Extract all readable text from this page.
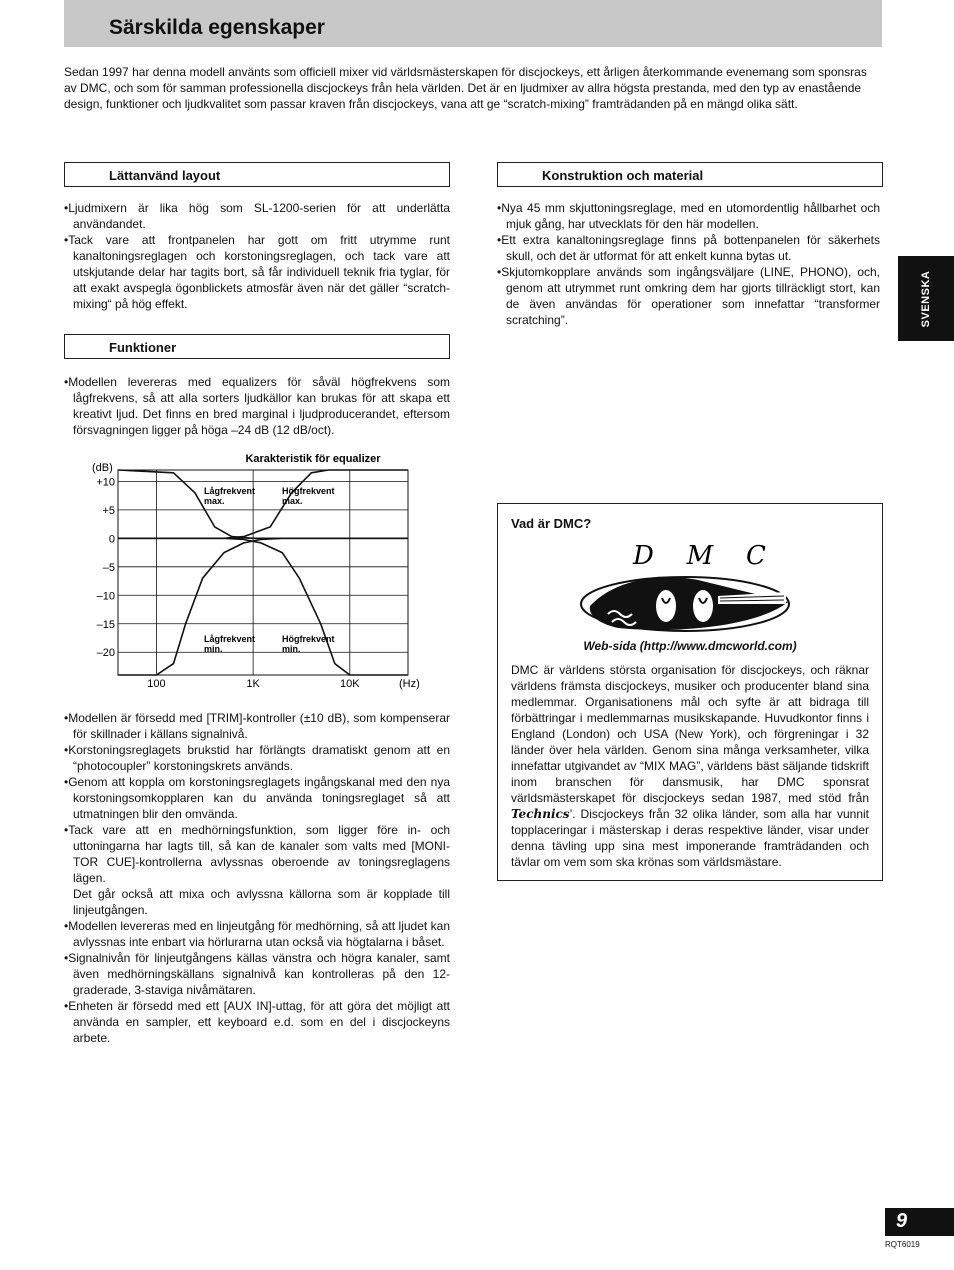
Särskilda egenskaper

Sedan 1997 har denna modell använts som officiell mixer vid världsmästerskapen för discjockeys, ett årligen återkommande evenemang som sponsras av DMC, och som för samman professionella discjockeys från hela världen. Det är en ljudmixer av allra högsta prestanda, med den typ av enastående design, funktioner och ljudkvalitet som passar kraven från discjockeys, vana att ge “scratch-mixing” framträdanden på en mängd olika sätt.

Lättanvänd layout
•Ljudmixern är lika hög som SL-1200-serien för att underlätta användandet.
•Tack vare att frontpanelen har gott om fritt utrymme runt kanaltoningsreglagen och korstoningsreglagen, och tack vare att utskjutande delar har tagits bort, så får individuell teknik fria tyglar, för att exakt avspegla ögonblickets atmosfär även när det gäller “scratch-mixing“ på hög effekt.
Funktioner
•Modellen levereras med equalizers för såväl högfrekvens som lågfrekvens, så att alla sorters ljudkällor kan brukas för att skapa ett kreativt ljud. Det finns en bred marginal i ljudproducerandet, eftersom försvagningen ligger på höga –24 dB (12 dB/oct).
Karakteristik för equalizer
(dB)
(Hz)
+10
+5
0
–5
–10
–15
–20
100	1K	10K
Lågfrekvent max.
Högfrekvent max.
Lågfrekvent min.
Högfrekvent min.
•Modellen är försedd med [TRIM]-kontroller (±10 dB), som kompenserar för skillnader i källans signalnivå.
•Korstoningsreglagets brukstid har förlängts dramatiskt genom att en “photocoupler” korstoningskrets används.
•Genom att koppla om korstoningsreglagets ingångskanal med den nya korstoningsomkopplaren kan du använda toningsreglaget så att utmatningen blir den omvända.
•Tack vare att en medhörningsfunktion, som ligger före in- och uttoningarna har lagts till, så kan de kanaler som valts med [MONI-TOR CUE]-kontrollerna avlyssnas oberoende av toningsreglagens lägen.
Det går också att mixa och avlyssna källorna som är kopplade till linjeutgången.
•Modellen levereras med en linjeutgång för medhörning, så att ljudet kan avlyssnas inte enbart via hörlurarna utan också via högtalarna i båset.
•Signalnivån för linjeutgångens källas vänstra och högra kanaler, samt även medhörningskällans signalnivå kan kontrolleras på den 12-graderade, 3-staviga nivåmätaren.
•Enheten är försedd med ett [AUX IN]-uttag, för att göra det möjligt att använda en sampler, ett keyboard e.d. som en del i discjockeyns arbete.
Konstruktion och material
•Nya 45 mm skjuttoningsreglage, med en utomordentlig hållbarhet och mjuk gång, har utvecklats för den här modellen.
•Ett extra kanaltoningsreglage finns på bottenpanelen för säkerhets skull, och det är utformat för att enkelt kunna bytas ut.
•Skjutomkopplare används som ingångsväljare (LINE, PHONO), och, genom att utrymmet runt omkring dem har gjorts tillräckligt stort, kan de även användas för operationer som innefattar “transformer scratching”.	SVENSKA
Vad är DMC?
D   M   C
Web-sida (http://www.dmcworld.com)

DMC är världens största organisation för discjockeys, och räknar världens främsta discjockeys, musiker och producenter bland sina medlemmar. Organisationens mål och syfte är att bidraga till förbättringar i medlemmarnas musikskapande. Huvudkontor finns i England (London) och USA (New York), och förgreningar i 32 länder över hela världen. Genom sina många verksamheter, vilka innefattar utgivandet av “MIX MAG”, världens bäst säljande tidskrift inom branschen för dansmusik, har DMC sponsrat världsmästerskapet för discjockeys sedan 1987, med stöd från Technics’. Discjockeys från 32 olika länder, som alla har vunnit topplaceringar i mästerskap i deras respektive länder, visar under denna tävling upp sina mest imponerande framträdanden och tävlar om vem som ska krönas som världsmästare.

9
RQT6019
